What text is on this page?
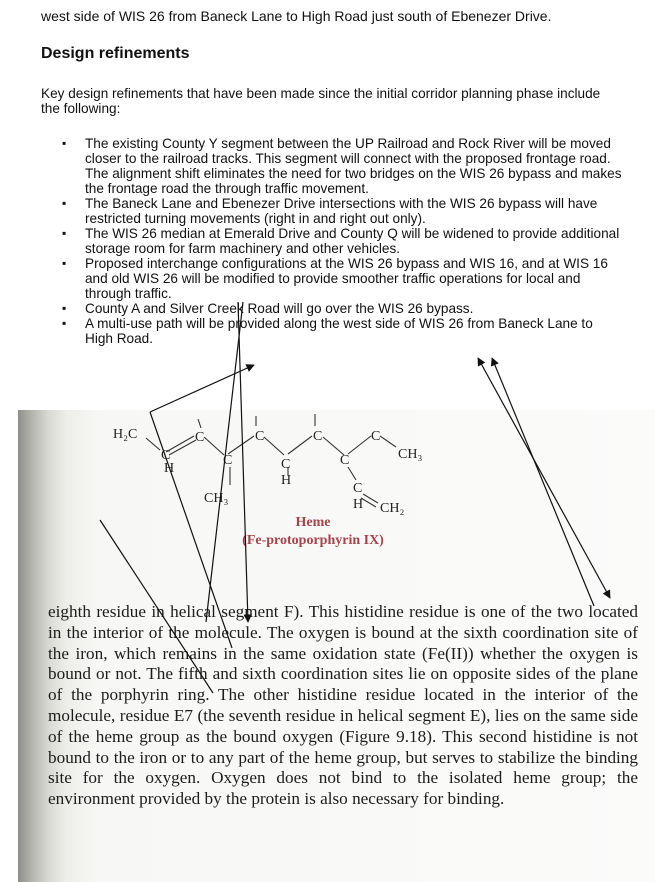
west side of WIS 26 from Baneck Lane to High Road just south of Ebenezer Drive.

Design refinements

Key design refinements that have been made since the initial corridor planning phase include the following:

▪ The existing County Y segment between the UP Railroad and Rock River will be moved closer to the railroad tracks. This segment will connect with the proposed frontage road. The alignment shift eliminates the need for two bridges on the WIS 26 bypass and makes the frontage road the through traffic movement.
▪ The Baneck Lane and Ebenezer Drive intersections with the WIS 26 bypass will have restricted turning movements (right in and right out only).
▪ The WIS 26 median at Emerald Drive and County Q will be widened to provide additional storage room for farm machinery and other vehicles.
▪ Proposed interchange configurations at the WIS 26 bypass and WIS 16, and at WIS 16 and old WIS 26 will be modified to provide smoother traffic operations for local and through traffic.
▪ County A and Silver Creek Road will go over the WIS 26 bypass.
▪ A multi-use path will be provided along the west side of WIS 26 from Baneck Lane to High Road.
H₂C
C
H
C
C
C
C
H
C
C
C
CH₃
CH₃
C
H CH₂

Heme

(Fe-protoporphyrin IX)

eighth residue in helical segment F). This histidine residue is one of the two located in the interior of the molecule. The oxygen is bound at the sixth coordination site of the iron, which remains in the same oxidation state (Fe(II)) whether the oxygen is bound or not. The fifth and sixth coordination sites lie on opposite sides of the plane of the porphyrin ring. The other histidine residue located in the interior of the molecule, residue E7 (the seventh residue in helical segment E), lies on the same side of the heme group as the bound oxygen (Figure 9.18). This second histidine is not bound to the iron or to any part of the heme group, but serves to stabilize the binding site for the oxygen. Oxygen does not bind to the isolated heme group; the environment provided by the protein is also necessary for binding.
